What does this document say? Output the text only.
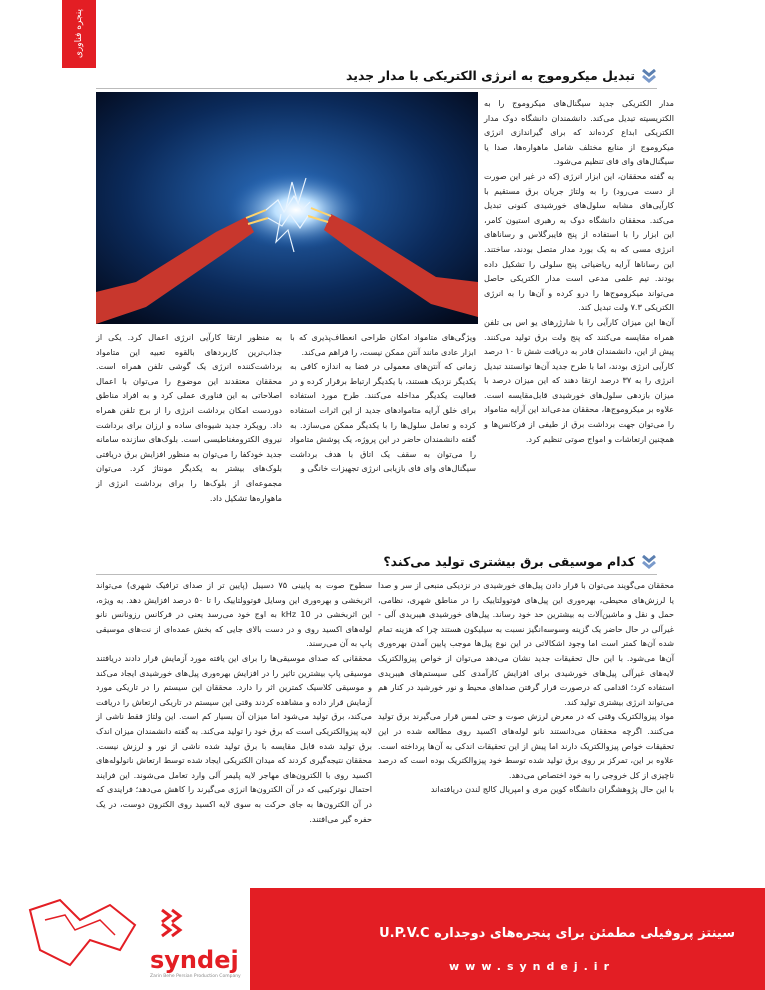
پنجره فناوری
تبدیل میکروموج به انرژی الکتریکی با مدار جدید

مدار الکتریکی جدید سیگنال‌های میکروموج را به الکتریسیته تبدیل می‌کند. دانشمندان دانشگاه دوک مدار الکتریکی ابداع کرده‌اند که برای گیراندازی انرژی میکروموج از منابع مختلف شامل ماهواره‌ها، صدا یا سیگنال‌های وای فای تنظیم می‌شود.

به گفته محققان، این ابزار انرژی (که در غیر این صورت از دست می‌رود) را به ولتاژ جریان برق مستقیم با کارآیی‌های مشابه سلول‌های خورشیدی کنونی تبدیل می‌کند. محققان دانشگاه دوک به رهبری استیون کامر، این ابزار را با استفاده از پنج فایبرگلاس و رسانا‌های انرژی مسی که به یک بورد مدار متصل بودند، ساختند. این رسانا‌ها آرایه ریاضیاتی پنج سلولی را تشکیل داده بودند. تیم علمی مدعی است مدار الکتریکی حاصل می‌تواند میکروموج‌ها را درو کرده و آن‌ها را به انرژی الکتریکی ۷.۳ ولت تبدیل کند.

آن‌ها این میزان کارآیی را با شارژرهای یو اس بی تلفن همراه مقایسه می‌کنند که پنج ولت برق تولید می‌کنند. پیش از این، دانشمندان قادر به دریافت شش تا ۱۰ درصد کارآیی انرژی بودند، اما با طرح جدید آن‌ها توانستند تبدیل انرژی را به ۳۷ درصد ارتقا دهند که این میزان درصد با میزان بازدهی سلول‌های خورشیدی قابل‌مقایسه است. علاوه بر میکروموج‌ها، محققان مدعی‌اند این آرایه متامواد را می‌توان جهت برداشت برق از طیفی از فرکانس‌ها و همچنین ارتعاشات و امواج صوتی تنظیم کرد.

ویژگی‌های متامواد امکان طراحی انعطاف‌پذیری که با ابزار عادی مانند آنتن ممکن نیست، را فراهم می‌کند.

زمانی که آنتن‌های معمولی در فضا به اندازه کافی به یکدیگر نزدیک هستند، با یکدیگر ارتباط برقرار کرده و در فعالیت یکدیگر مداخله می‌کنند. طرح مورد استفاده برای خلق آرایه متامواد‌های جدید از این اثرات استفاده کرده و تعامل سلول‌ها را با یکدیگر ممکن می‌سازد. به گفته دانشمندان حاضر در این پروژه، یک پوشش متامواد را می‌توان به سقف یک اتاق با هدف برداشت سیگنال‌های وای فای بازیابی انرژی تجهیزات خانگی و

به منظور ارتقا کارآیی انرژی اعمال کرد. یکی از جذاب‌ترین کاربردهای بالقوه تعبیه این متامواد برداشت‌کننده انرژی یک گوشی تلفن همراه است. محققان معتقدند این موضوع را می‌توان با اعمال اصلاحاتی به این فناوری عملی کرد و به افراد مناطق دوردست امکان برداشت انرژی را از برج تلفن همراه داد. رویکرد جدید شیوه‌ای ساده و ارزان برای برداشت نیروی الکترومغناطیسی است. بلوک‌های سازنده سامانه جدید خودکفا را می‌توان به منظور افزایش برق دریافتی بلوک‌های بیشتر به یکدیگر مونتاژ کرد. می‌توان مجموعه‌ای از بلوک‌ها را برای برداشت انرژی از ماهواره‌ها تشکیل داد.

کدام موسیقی برق بیشتری تولید می‌کند؟

محققان می‌گویند می‌توان با قرار دادن پیل‌های خورشیدی در نزدیکی منبعی از سر و صدا یا لرزش‌های محیطی، بهره‌وری این پیل‌های فوتوولتاییک را در مناطق شهری، نظامی، حمل و نقل و ماشین‌آلات به بیشترین حد خود رساند. پیل‌های خورشیدی هیبریدی آلی - غیرآلی در حال حاضر یک گزینه وسوسه‌انگیز نسبت به سیلیکون هستند چرا که هزینه تمام شده آن‌ها کمتر است اما وجود اشکالاتی در این نوع پیل‌ها موجب پایین آمدن بهره‌وری آن‌ها می‌شود. با این حال تحقیقات جدید نشان می‌دهد می‌توان از خواص پیزوالکتریک لایه‌های غیرآلی پیل‌های خورشیدی برای افزایش کارآمدی کلی سیستم‌های هیبریدی استفاده کرد؛ اقدامی که درصورت قرار گرفتن صدا‌های محیط و نور خورشید در کنار هم می‌تواند انرژی بیشتری تولید کند.

مواد پیزوالکتریک وقتی که در معرض لرزش صوت و حتی لمس قرار می‌گیرند برق تولید می‌کنند. اگرچه محققان می‌دانستند نانو لوله‌های اکسید روی مطالعه شده در این تحقیقات خواص پیزوالکتریک دارند اما پیش از این تحقیقات اندکی به آن‌ها پرداخته است. علاوه بر این، تمرکز بر روی برق تولید شده توسط خود پیزوالکتریک بوده است که درصد ناچیزی از کل خروجی را به خود اختصاص می‌دهد.

با این حال پژوهشگران دانشگاه کوین مری و امپریال کالج لندن دریافته‌اند

سطوح صوت به پایینی ۷۵ دسیبل (پایین تر از صدای ترافیک شهری) می‌تواند اثربخشی و بهره‌وری این وسایل فوتوولتاییک را تا ۵۰ درصد افزایش دهد. به ویژه، این اثربخشی در 10 kHz به اوج خود می‌رسد یعنی در فرکانس رزونانس نانو لوله‌های اکسید روی و در دست بالای جایی که بخش عمده‌ای از نت‌های موسیقی پاپ به آن می‌رسند.

محققانی که صدای موسیقی‌ها را برای این یافته مورد آزمایش قرار دادند دریافتند موسیقی پاپ بیشترین تاثیر را در افزایش بهره‌وری پیل‌های خورشیدی ایجاد می‌کند و موسیقی کلاسیک کمترین اثر را دارد. محققان این سیستم را در تاریکی مورد آزمایش قرار داده و مشاهده کردند وقتی این سیستم در تاریکی ارتعاش را دریافت می‌کند، برق تولید می‌شود اما میزان آن بسیار کم است. این ولتاژ فقط ناشی از لایه پیزوالکتریکی است که برق خود را تولید می‌کند. به گفته دانشمندان میزان اندک برق تولید شده قابل مقایسه با برق تولید شده ناشی از نور و لرزش نیست. محققان نتیجه‌گیری کردند که میدان الکتریکی ایجاد شده توسط ارتعاش نانولوله‌های اکسید روی با الکترون‌های مهاجر لایه پلیمر آلی وارد تعامل می‌شوند. این فرایند احتمال نوترکیبی که در آن الکترون‌ها انرژی می‌گیرند را کاهش می‌دهد؛ فرایندی که در آن الکترون‌ها به جای حرکت به سوی لایه اکسید روی الکترون دوست، در یک حفره گیر می‌افتند.

syndej
Zarin Behe Persian Production Company
سینتز پروفیلی مطمئن برای پنجره‌های دوجداره U.P.V.C
www.syndej.ir
